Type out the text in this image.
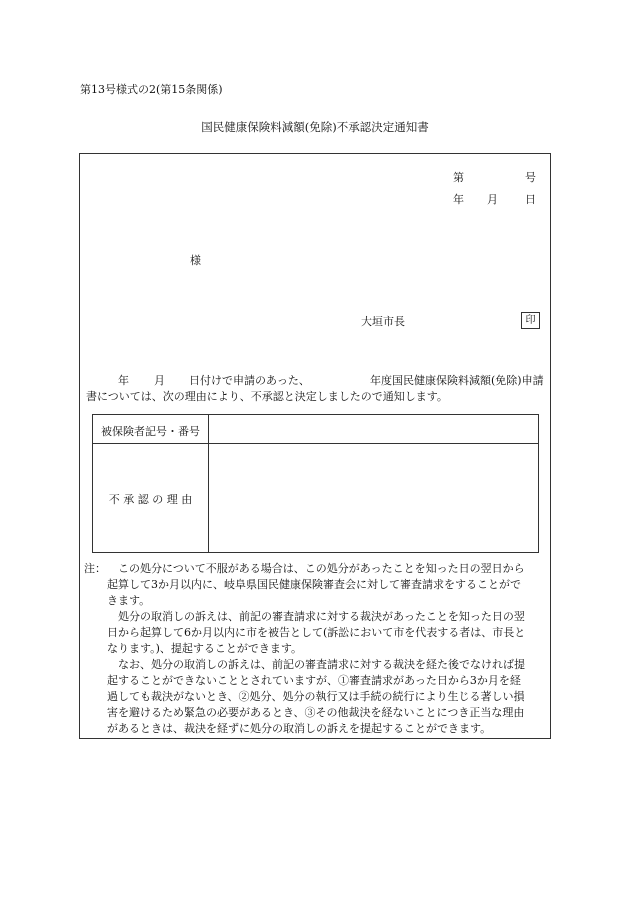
第13号様式の2(第15条関係)
国民健康保険料減額(免除)不承認決定通知書
第	号
年 月 日
様
大垣市長	印
年 月 日付けで申請のあった、	年度国民健康保険料減額(免除)申請
書については、次の理由により、不承認と決定しましたので通知します。
被保険者記号・番号
不 承 認 の 理 由
注： この処分について不服がある場合は、この処分があったことを知った日の翌日から
起算して3か月以内に、岐阜県国民健康保険審査会に対して審査請求をすることがで
きます。
処分の取消しの訴えは、前記の審査請求に対する裁決があったことを知った日の翌
日から起算して6か月以内に市を被告として(訴訟において市を代表する者は、市長と
なります。)、提起することができます。
なお、処分の取消しの訴えは、前記の審査請求に対する裁決を経た後でなければ提
起することができないこととされていますが、①審査請求があった日から3か月を経
過しても裁決がないとき、②処分、処分の執行又は手続の続行により生じる著しい損
害を避けるため緊急の必要があるとき、③その他裁決を経ないことにつき正当な理由
があるときは、裁決を経ずに処分の取消しの訴えを提起することができます。
